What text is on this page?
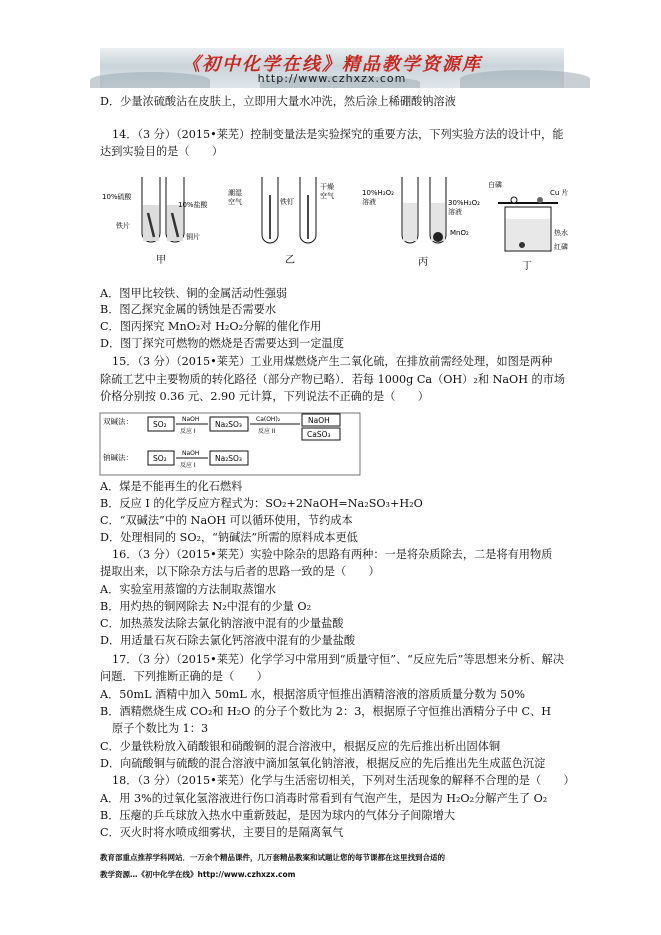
《初中化学在线》精品教学资源库
http://www.czhxzx.com
D．少量浓硫酸沾在皮肤上，立即用大量水冲洗，然后涂上稀硼酸钠溶液
14．（3 分）（2015•莱芜）控制变量法是实验探究的重要方法，下列实验方法的设计中，能
达到实验目的是（　　）
10%硫酸
10%盐酸
铁片
铜片
甲
潮湿
空气	铁钉
干燥
空气
乙
10%H₂O₂
溶液	30%H₂O₂
溶液
MnO₂
丙
白磷
Cu 片
热水
红磷
丁
A．图甲比较铁、铜的金属活动性强弱
B．图乙探究金属的锈蚀是否需要水
C．图丙探究 MnO₂对 H₂O₂分解的催化作用
D．图丁探究可燃物的燃烧是否需要达到一定温度
15．（3 分）（2015•莱芜）工业用煤燃烧产生二氧化硫，在排放前需经处理，如图是两种
除硫工艺中主要物质的转化路径（部分产物已略）．若每 1000g Ca（OH）₂和 NaOH 的市场
价格分别按 0.36 元、2.90 元计算，下列说法不正确的是（　　）
双碱法：	SO₂
NaOH
反应 I
Na₂SO₃
Ca(OH)₂
反应 II
NaOH
CaSO₃
钠碱法：	SO₂
NaOH
反应 I
Na₂SO₃
A．煤是不能再生的化石燃料
B．反应 I 的化学反应方程式为：SO₂+2NaOH=Na₂SO₃+H₂O
C．“双碱法”中的 NaOH 可以循环使用，节约成本
D．处理相同的 SO₂，“钠碱法”所需的原料成本更低
16．（3 分）（2015•莱芜）实验中除杂的思路有两种：一是将杂质除去，二是将有用物质
提取出来，以下除杂方法与后者的思路一致的是（　　）
A．实验室用蒸馏的方法制取蒸馏水
B．用灼热的铜网除去 N₂中混有的少量 O₂
C．加热蒸发法除去氯化钠溶液中混有的少量盐酸
D．用适量石灰石除去氯化钙溶液中混有的少量盐酸
17．（3 分）（2015•莱芜）化学学习中常用到“质量守恒”、“反应先后”等思想来分析、解决
问题．下列推断正确的是（　　）
A．50mL 酒精中加入 50mL 水，根据溶质守恒推出酒精溶液的溶质质量分数为 50%
B．酒精燃烧生成 CO₂和 H₂O 的分子个数比为 2：3，根据原子守恒推出酒精分子中 C、H
原子个数比为 1：3
C．少量铁粉放入硝酸银和硝酸铜的混合溶液中，根据反应的先后推出析出固体铜
D．向硫酸铜与硫酸的混合溶液中滴加氢氧化钠溶液，根据反应的先后推出先生成蓝色沉淀
18．（3 分）（2015•莱芜）化学与生活密切相关，下列对生活现象的解释不合理的是（　　）
A．用 3%的过氧化氢溶液进行伤口消毒时常看到有气泡产生，是因为 H₂O₂分解产生了 O₂
B．压瘪的乒乓球放入热水中重新鼓起，是因为球内的气体分子间隙增大
C．灭火时将水喷成细雾状，主要目的是隔离氧气
教育部重点推荐学科网站．一万余个精品课件，几万套精品教案和试题让您的每节课都在这里找到合适的
教学资源…《初中化学在线》http://www.czhxzx.com
